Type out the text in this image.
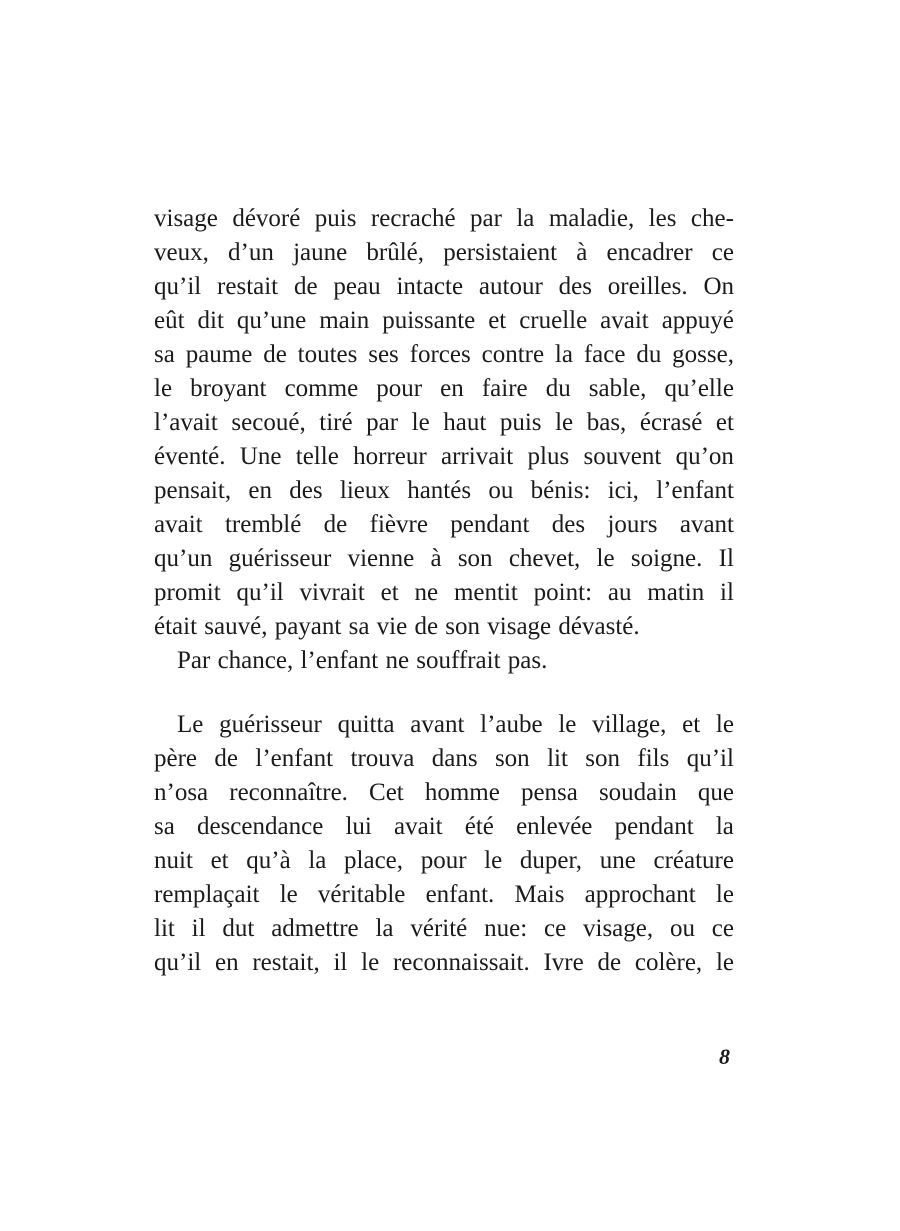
visage dévoré puis recraché par la maladie, les che-
veux, d’un jaune brûlé, persistaient à encadrer ce
qu’il restait de peau intacte autour des oreilles. On
eût dit qu’une main puissante et cruelle avait appuyé
sa paume de toutes ses forces contre la face du gosse,
le broyant comme pour en faire du sable, qu’elle
l’avait secoué, tiré par le haut puis le bas, écrasé et
éventé. Une telle horreur arrivait plus souvent qu’on
pensait, en des lieux hantés ou bénis: ici, l’enfant
avait tremblé de fièvre pendant des jours avant
qu’un guérisseur vienne à son chevet, le soigne. Il
promit qu’il vivrait et ne mentit point: au matin il
était sauvé, payant sa vie de son visage dévasté.
Par chance, l’enfant ne souffrait pas.
Le guérisseur quitta avant l’aube le village, et le
père de l’enfant trouva dans son lit son fils qu’il
n’osa reconnaître. Cet homme pensa soudain que
sa descendance lui avait été enlevée pendant la
nuit et qu’à la place, pour le duper, une créature
remplaçait le véritable enfant. Mais approchant le
lit il dut admettre la vérité nue: ce visage, ou ce
qu’il en restait, il le reconnaissait. Ivre de colère, le
8
